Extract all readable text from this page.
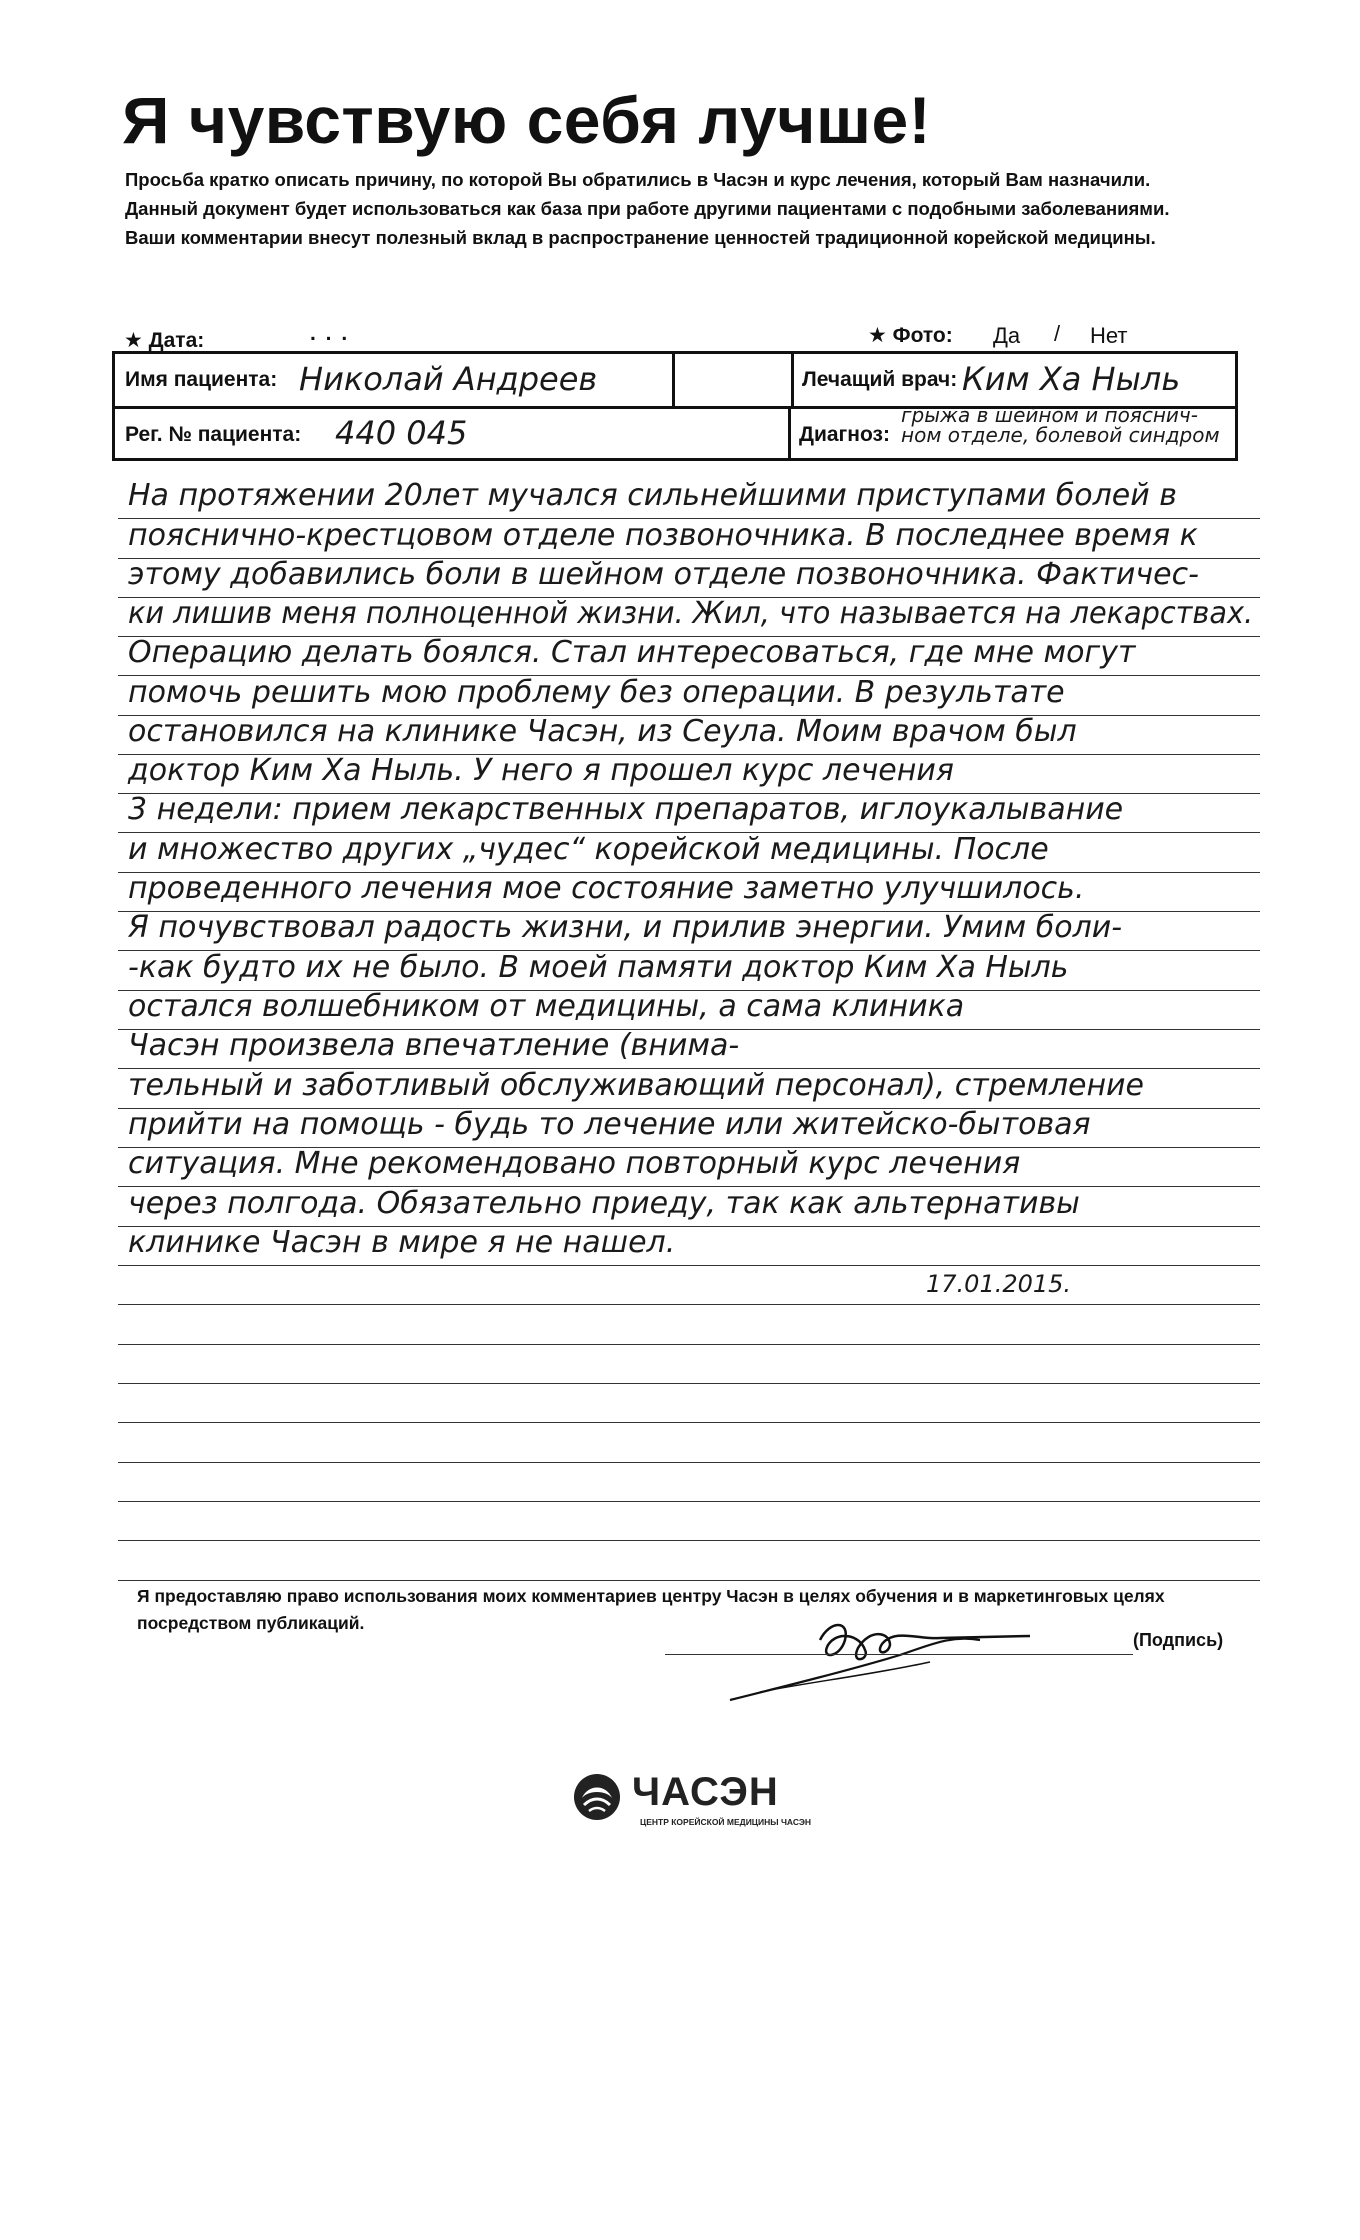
Я чувствую себя лучше!
Просьба кратко описать причину, по которой Вы обратились в Часэн и курс лечения, который Вам назначили.
Данный документ будет использоваться как база при работе другими пациентами с подобными заболеваниями.
Ваши комментарии внесут полезный вклад в распространение ценностей традиционной корейской медицины.
★ Дата:	. . .	★ Фото: Да / Нет
Имя пациента: Николай Андреев	Лечащий врач: Ким Ха Ныль
Рег. № пациента: 440 045	Диагноз:
грыжа в шейном и пояснич-
ном отделе, болевой синдром
На протяжении 20лет мучался сильнейшими приступами болей в
пояснично-крестцовом отделе позвоночника. В последнее время к
этому добавились боли в шейном отделе позвоночника. Фактичес-
ки лишив меня полноценной жизни. Жил, что называется на лекарствах.
Операцию делать боялся. Стал интересоваться, где мне могут
помочь решить мою проблему без операции. В результате
остановился на клинике Часэн, из Сеула. Моим врачом был
доктор Ким Ха Ныль. У него я прошел курс лечения
3 недели: прием лекарственных препаратов, иглоукалывание
и множество других „чудес“ корейской медицины. После
проведенного лечения мое состояние заметно улучшилось.
Я почувствовал радость жизни, и прилив энергии. Умим боли-
-как будто их не было. В моей памяти доктор Ким Ха Ныль
остался волшебником от медицины, а сама клиника
Часэн произвела впечатление (внима-
тельный и заботливый обслуживающий персонал), стремление
прийти на помощь - будь то лечение или житейско-бытовая
ситуация. Мне рекомендовано повторный курс лечения
через полгода. Обязательно приеду, так как альтернативы
клинике Часэн в мире я не нашел.
17.01.2015.
Я предоставляю право использования моих комментариев центру Часэн в целях обучения и в маркетинговых целях
посредством публикаций.
(Подпись)
ЧАСЭН
ЦЕНТР КОРЕЙСКОЙ МЕДИЦИНЫ ЧАСЭН
